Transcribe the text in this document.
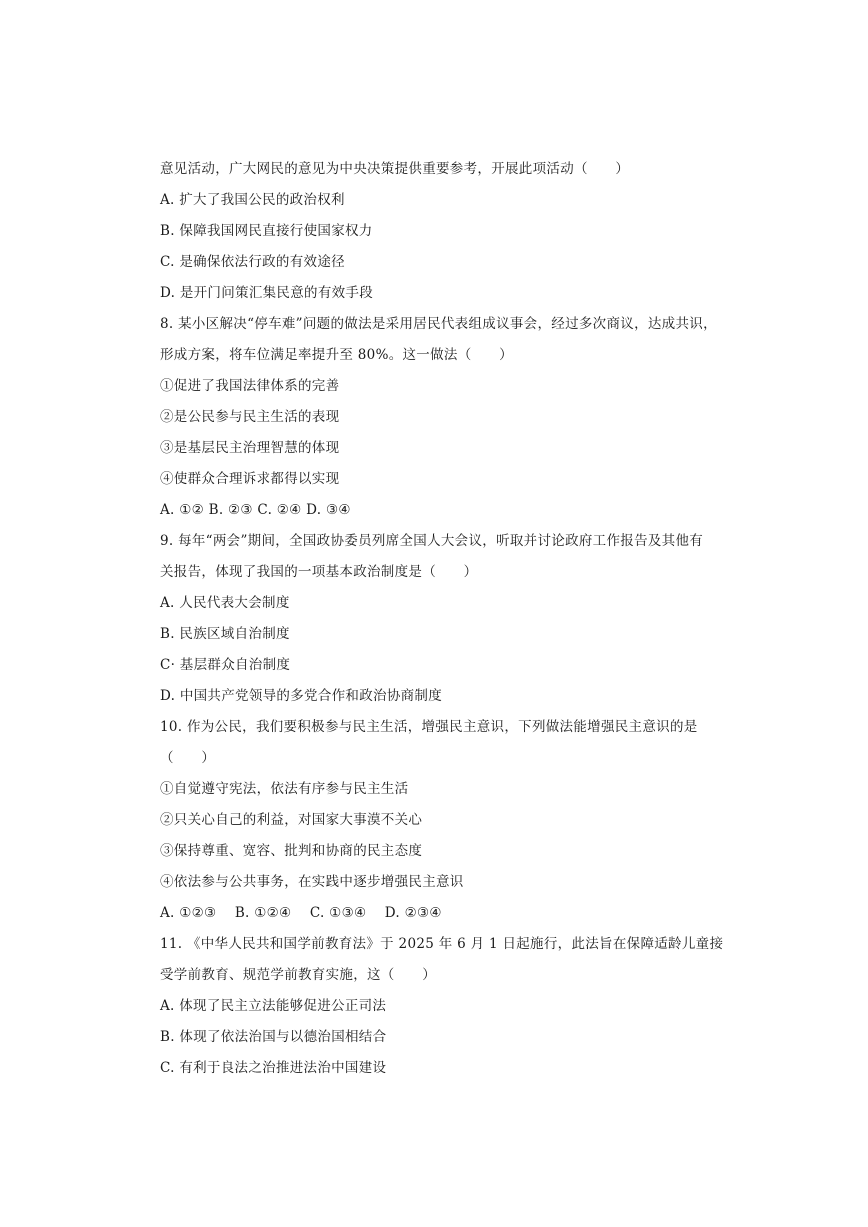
意见活动，广大网民的意见为中央决策提供重要参考，开展此项活动（　　）
A. 扩大了我国公民的政治权利
B. 保障我国网民直接行使国家权力
C. 是确保依法行政的有效途径
D. 是开门问策汇集民意的有效手段
8. 某小区解决“停车难”问题的做法是采用居民代表组成议事会，经过多次商议，达成共识，
形成方案，将车位满足率提升至 80%。这一做法（　　）
①促进了我国法律体系的完善
②是公民参与民主生活的表现
③是基层民主治理智慧的体现
④使群众合理诉求都得以实现
A. ①② B. ②③ C. ②④ D. ③④
9. 每年“两会”期间，全国政协委员列席全国人大会议，听取并讨论政府工作报告及其他有
关报告，体现了我国的一项基本政治制度是（　　）
A. 人民代表大会制度
B. 民族区域自治制度
C· 基层群众自治制度
D. 中国共产党领导的多党合作和政治协商制度
10. 作为公民，我们要积极参与民主生活，增强民主意识，下列做法能增强民主意识的是
（　　）
①自觉遵守宪法，依法有序参与民主生活
②只关心自己的利益，对国家大事漠不关心
③保持尊重、宽容、批判和协商的民主态度
④依法参与公共事务，在实践中逐步增强民主意识
A. ①②③　 B. ①②④　 C. ①③④　 D. ②③④
11. 《中华人民共和国学前教育法》于 2025 年 6 月 1 日起施行，此法旨在保障适龄儿童接
受学前教育、规范学前教育实施，这（　　）
A. 体现了民主立法能够促进公正司法
B. 体现了依法治国与以德治国相结合
C. 有利于良法之治推进法治中国建设
